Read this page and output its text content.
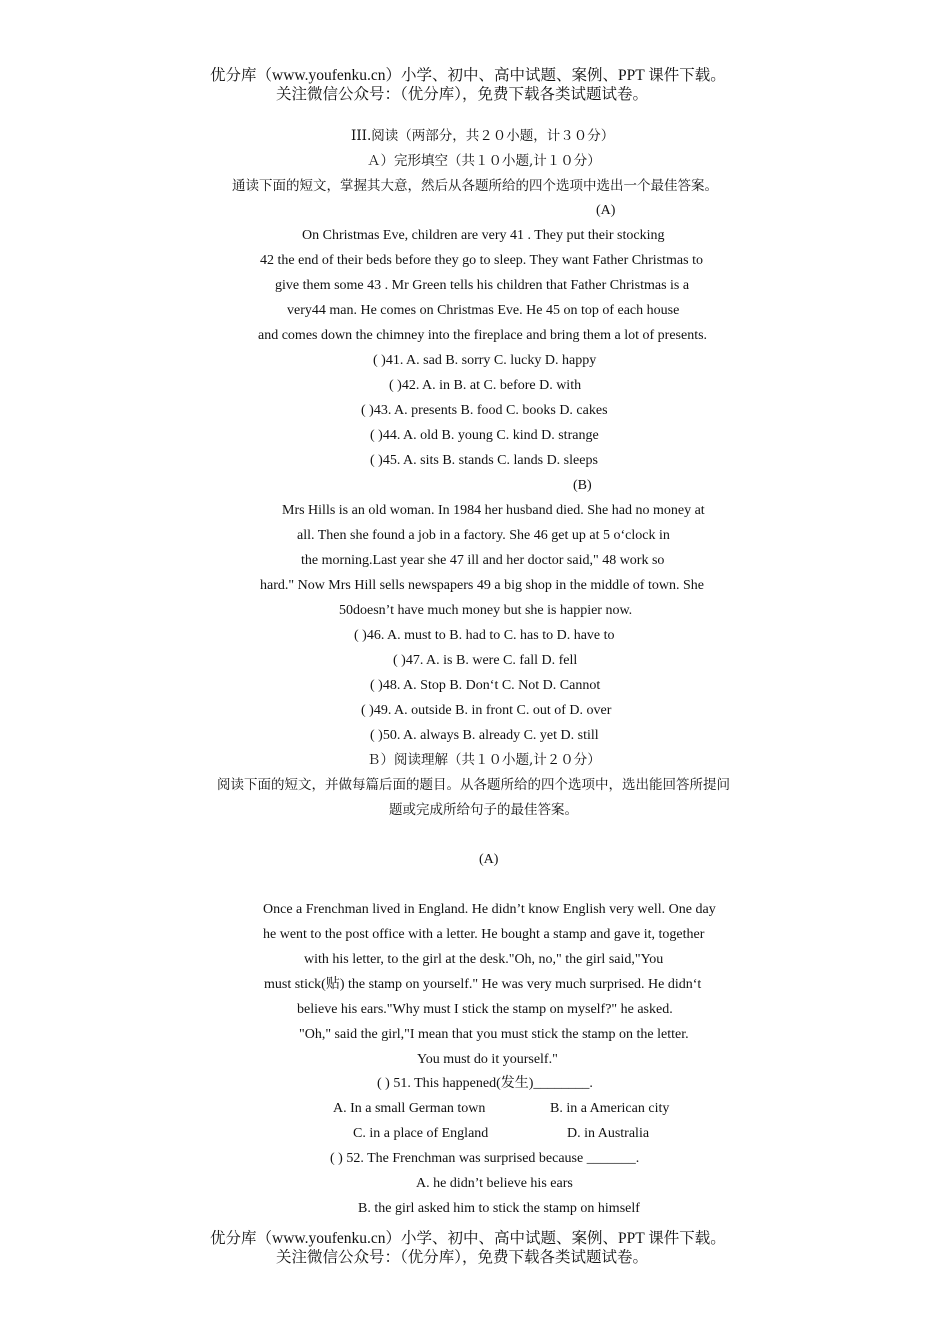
优分库（www.youfenku.cn）小学、初中、高中试题、案例、PPT 课件下载。
关注微信公众号：（优分库），免费下载各类试题试卷。
III.阅读（两部分，共２０小题，计３０分）
Ａ）完形填空（共１０小题,计１０分）
通读下面的短文，掌握其大意，然后从各题所给的四个选项中选出一个最佳答案。
(A)
On Christmas Eve, children are very 41 . They put their stocking
42 the end of their beds before they go to sleep. They want Father Christmas to
give them some 43 . Mr Green tells his children that Father Christmas is a
very44 man. He comes on Christmas Eve. He 45 on top of each house
and comes down the chimney into the fireplace and bring them a lot of presents.
( )41. A. sad B. sorry C. lucky D. happy
( )42. A. in B. at C. before D. with
( )43. A. presents B. food C. books D. cakes
( )44. A. old B. young C. kind D. strange
( )45. A. sits B. stands C. lands D. sleeps
(B)
Mrs Hills is an old woman. In 1984 her husband died. She had no money at
all. Then she found a job in a factory. She 46 get up at 5 o‘clock in
the morning.Last year she 47 ill and her doctor said," 48 work so
hard." Now Mrs Hill sells newspapers 49 a big shop in the middle of town. She
50doesn’t have much money but she is happier now.
( )46. A. must to B. had to C. has to D. have to
( )47. A. is B. were C. fall D. fell
( )48. A. Stop B. Don‘t C. Not D. Cannot
( )49. A. outside B. in front C. out of D. over
( )50. A. always B. already C. yet D. still
Ｂ）阅读理解（共１０小题,计２０分）
阅读下面的短文，并做每篇后面的题目。从各题所给的四个选项中，选出能回答所提问
题或完成所给句子的最佳答案。
(A)
Once a Frenchman lived in England. He didn’t know English very well. One day
he went to the post office with a letter. He bought a stamp and gave it, together
with his letter, to the girl at the desk."Oh, no," the girl said,"You
must stick(贴) the stamp on yourself." He was very much surprised. He didn‘t
believe his ears."Why must I stick the stamp on myself?" he asked.
"Oh," said the girl,"I mean that you must stick the stamp on the letter.
You must do it yourself."
( ) 51. This happened(发生)________.
A. In a small German town	B. in a American city
C. in a place of England	D. in Australia
( ) 52. The Frenchman was surprised because _______.
A. he didn’t believe his ears
B. the girl asked him to stick the stamp on himself
优分库（www.youfenku.cn）小学、初中、高中试题、案例、PPT 课件下载。
关注微信公众号：（优分库），免费下载各类试题试卷。
